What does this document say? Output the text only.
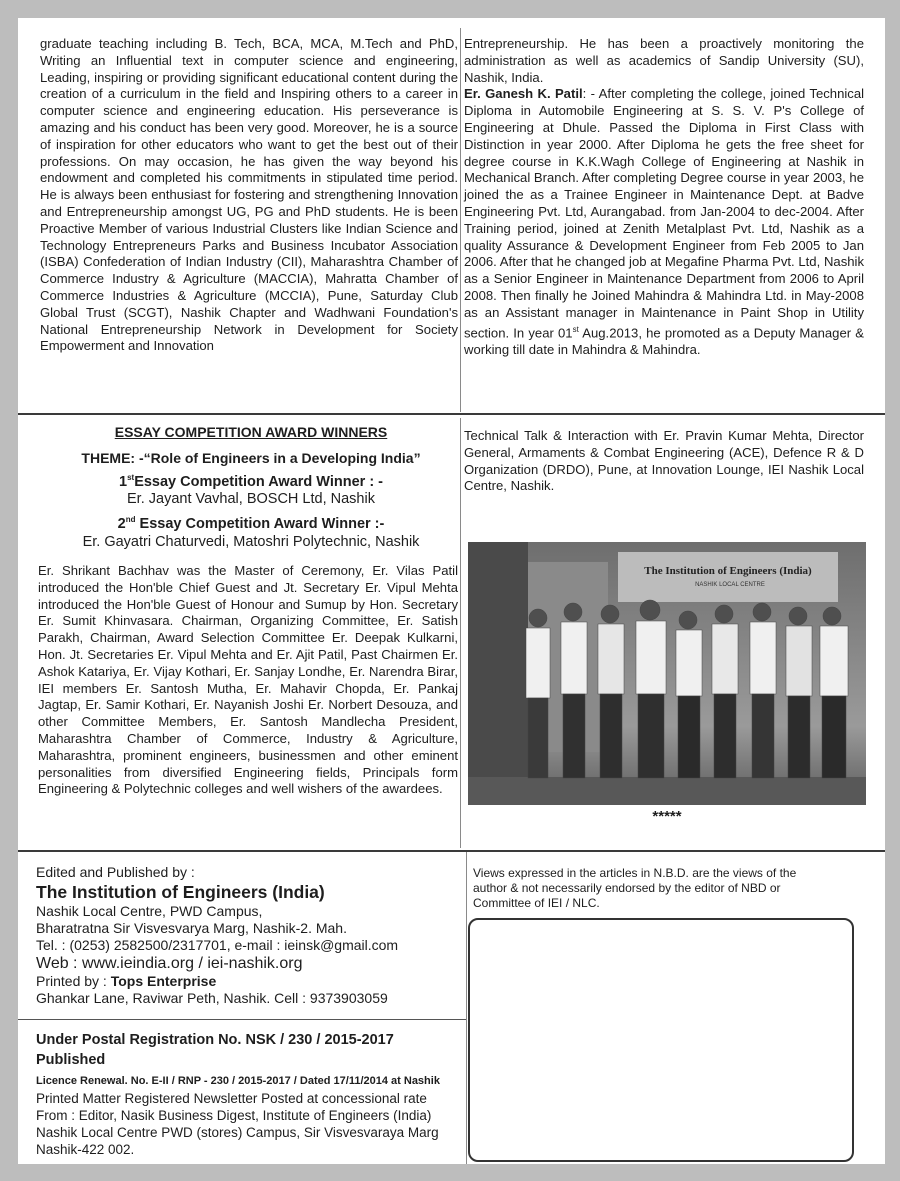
graduate teaching including B. Tech, BCA, MCA, M.Tech and PhD, Writing an Influential text in computer science and engineering, Leading, inspiring or providing significant educational content during the creation of a curriculum in the field and Inspiring others to a career in computer science and engineering education. His perseverance is amazing and his conduct has been very good. Moreover, he is a source of inspiration for other educators who want to get the best out of their professions. On may occasion, he has given the way beyond his endowment and completed his commitments in stipulated time period. He is always been enthusiast for fostering and strengthening Innovation and Entrepreneurship amongst UG, PG and PhD students. He is been Proactive Member of various Industrial Clusters like Indian Science and Technology Entrepreneurs Parks and Business Incubator Association (ISBA) Confederation of Indian Industry (CII), Maharashtra Chamber of Commerce Industry & Agriculture (MACCIA), Mahratta Chamber of Commerce Industries & Agriculture (MCCIA), Pune, Saturday Club Global Trust (SCGT), Nashik Chapter and Wadhwani Foundation's National Entrepreneurship Network in Development for Society Empowerment and Innovation

Entrepreneurship. He has been a proactively monitoring the administration as well as academics of Sandip University (SU), Nashik, India.

Er. Ganesh K. Patil: - After completing the college, joined Technical Diploma in Automobile Engineering at S. S. V. P's College of Engineering at Dhule. Passed the Diploma in First Class with Distinction in year 2000. After Diploma he gets the free sheet for degree course in K.K.Wagh College of Engineering at Nashik in Mechanical Branch. After completing Degree course in year 2003, he joined the as a Trainee Engineer in Maintenance Dept. at Badve Engineering Pvt. Ltd, Aurangabad. from Jan-2004 to dec-2004. After Training period, joined at Zenith Metalplast Pvt. Ltd, Nashik as a quality Assurance & Development Engineer from Feb 2005 to Jan 2006. After that he changed job at Megafine Pharma Pvt. Ltd, Nashik as a Senior Engineer in Maintenance Department from 2006 to April 2008. Then finally he Joined Mahindra & Mahindra Ltd. in May-2008 as an Assistant manager in Maintenance in Paint Shop in Utility section. In year 01st Aug.2013, he promoted as a Deputy Manager & working till date in Mahindra & Mahindra.

ESSAY COMPETITION AWARD WINNERS
THEME: -“Role of Engineers in a Developing India”
1stEssay Competition Award Winner : -
Er. Jayant Vavhal, BOSCH Ltd, Nashik
2nd Essay Competition Award Winner :-
Er. Gayatri Chaturvedi, Matoshri Polytechnic, Nashik

Er. Shrikant Bachhav was the Master of Ceremony, Er. Vilas Patil introduced the Hon'ble Chief Guest and Jt. Secretary Er. Vipul Mehta introduced the Hon'ble Guest of Honour and Sumup by Hon. Secretary Er. Sumit Khinvasara. Chairman, Organizing Committee, Er. Satish Parakh, Chairman, Award Selection Committee Er. Deepak Kulkarni, Hon. Jt. Secretaries Er. Vipul Mehta and Er. Ajit Patil, Past Chairmen Er. Ashok Katariya, Er. Vijay Kothari, Er. Sanjay Londhe, Er. Narendra Birar, IEI members Er. Santosh Mutha, Er. Mahavir Chopda, Er. Pankaj Jagtap, Er. Samir Kothari, Er. Nayanish Joshi Er. Norbert Desouza, and other Committee Members, Er. Santosh Mandlecha President, Maharashtra Chamber of Commerce, Industry & Agriculture, Maharashtra, prominent engineers, businessmen and other eminent personalities from diversified Engineering fields, Principals form Engineering & Polytechnic colleges and well wishers of the awardees.

Technical Talk & Interaction with Er. Pravin Kumar Mehta, Director General, Armaments & Combat Engineering (ACE), Defence R & D Organization (DRDO), Pune, at Innovation Lounge, IEI Nashik Local Centre, Nashik.

The Institution of Engineers (India)
NASHIK LOCAL CENTRE
*****

Edited and Published by :

The Institution of Engineers (India)

Nashik Local Centre, PWD Campus,

Bharatratna Sir Visvesvarya Marg, Nashik-2. Mah.

Tel. : (0253) 2582500/2317701, e-mail : ieinsk@gmail.com

Web : www.ieindia.org / iei-nashik.org

Printed by : Tops Enterprise

Ghankar Lane, Raviwar Peth, Nashik. Cell : 9373903059

Under Postal Registration No. NSK / 230 / 2015-2017 Published

Licence Renewal. No. E-II / RNP - 230 / 2015-2017 / Dated 17/11/2014 at Nashik

Printed Matter Registered Newsletter Posted at concessional rate

From : Editor, Nasik Business Digest, Institute of Engineers (India)

Nashik Local Centre PWD (stores) Campus, Sir Visvesvaraya Marg

Nashik-422 002.

Views expressed in the articles in N.B.D. are the views of the author & not necessarily endorsed by the editor of NBD or Committee of IEI / NLC.
